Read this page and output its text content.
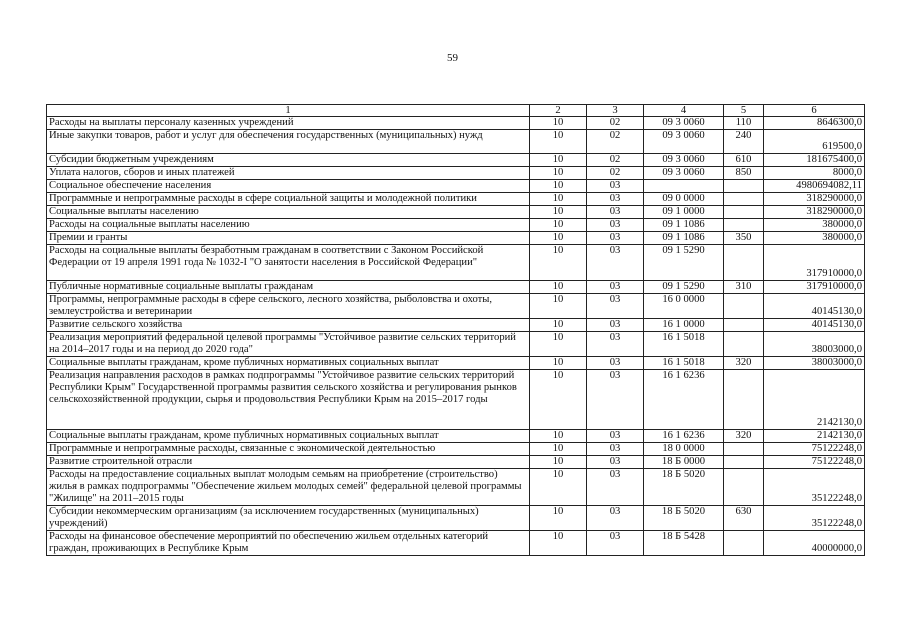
59
1	2	3	4	5	6
Расходы на выплаты персоналу казенных учреждений	10	02	09 3 0060	110	8646300,0
Иные закупки товаров, работ и услуг для обеспечения государственных (муниципальных) нужд	10	02	09 3 0060	240	619500,0
Субсидии бюджетным учреждениям	10	02	09 3 0060	610	181675400,0
Уплата налогов, сборов и иных платежей	10	02	09 3 0060	850	8000,0
Социальное обеспечение населения	10	03			4980694082,11
Программные и непрограммные расходы в сфере социальной защиты и молодежной политики	10	03	09 0 0000		318290000,0
Социальные выплаты населению	10	03	09 1 0000		318290000,0
Расходы на социальные выплаты населению	10	03	09 1 1086		380000,0
Премии и гранты	10	03	09 1 1086	350	380000,0
Расходы на социальные выплаты безработным гражданам в соответствии с Законом Российской Федерации от 19 апреля 1991 года № 1032-I "О занятости населения в Российской Федерации"	10	03	09 1 5290		317910000,0
Публичные нормативные социальные выплаты гражданам	10	03	09 1 5290	310	317910000,0
Программы, непрограммные расходы в сфере сельского, лесного хозяйства, рыболовства и охоты, землеустройства и ветеринарии	10	03	16 0 0000		40145130,0
Развитие сельского хозяйства	10	03	16 1 0000		40145130,0
Реализация мероприятий федеральной целевой программы "Устойчивое развитие сельских территорий на 2014–2017 годы и на период до 2020 года"	10	03	16 1 5018		38003000,0
Социальные выплаты гражданам, кроме публичных нормативных социальных выплат	10	03	16 1 5018	320	38003000,0
Реализация направления расходов в рамках подпрограммы "Устойчивое развитие сельских территорий Республики Крым" Государственной программы развития сельского хозяйства и регулирования рынков сельскохозяйственной продукции, сырья и продовольствия Республики Крым на 2015–2017 годы	10	03	16 1 6236		2142130,0
Социальные выплаты гражданам, кроме публичных нормативных социальных выплат	10	03	16 1 6236	320	2142130,0
Программные и непрограммные расходы, связанные с экономической деятельностью	10	03	18 0 0000		75122248,0
Развитие строительной отрасли	10	03	18 Б 0000		75122248,0
Расходы на предоставление социальных выплат молодым семьям на приобретение (строительство) жилья в рамках подпрограммы "Обеспечение жильем молодых семей" федеральной целевой программы "Жилище" на 2011–2015 годы	10	03	18 Б 5020		35122248,0
Субсидии некоммерческим организациям (за исключением государственных (муниципальных) учреждений)	10	03	18 Б 5020	630	35122248,0
Расходы на финансовое обеспечение мероприятий по обеспечению жильем отдельных категорий граждан, проживающих в Республике Крым	10	03	18 Б 5428		40000000,0
